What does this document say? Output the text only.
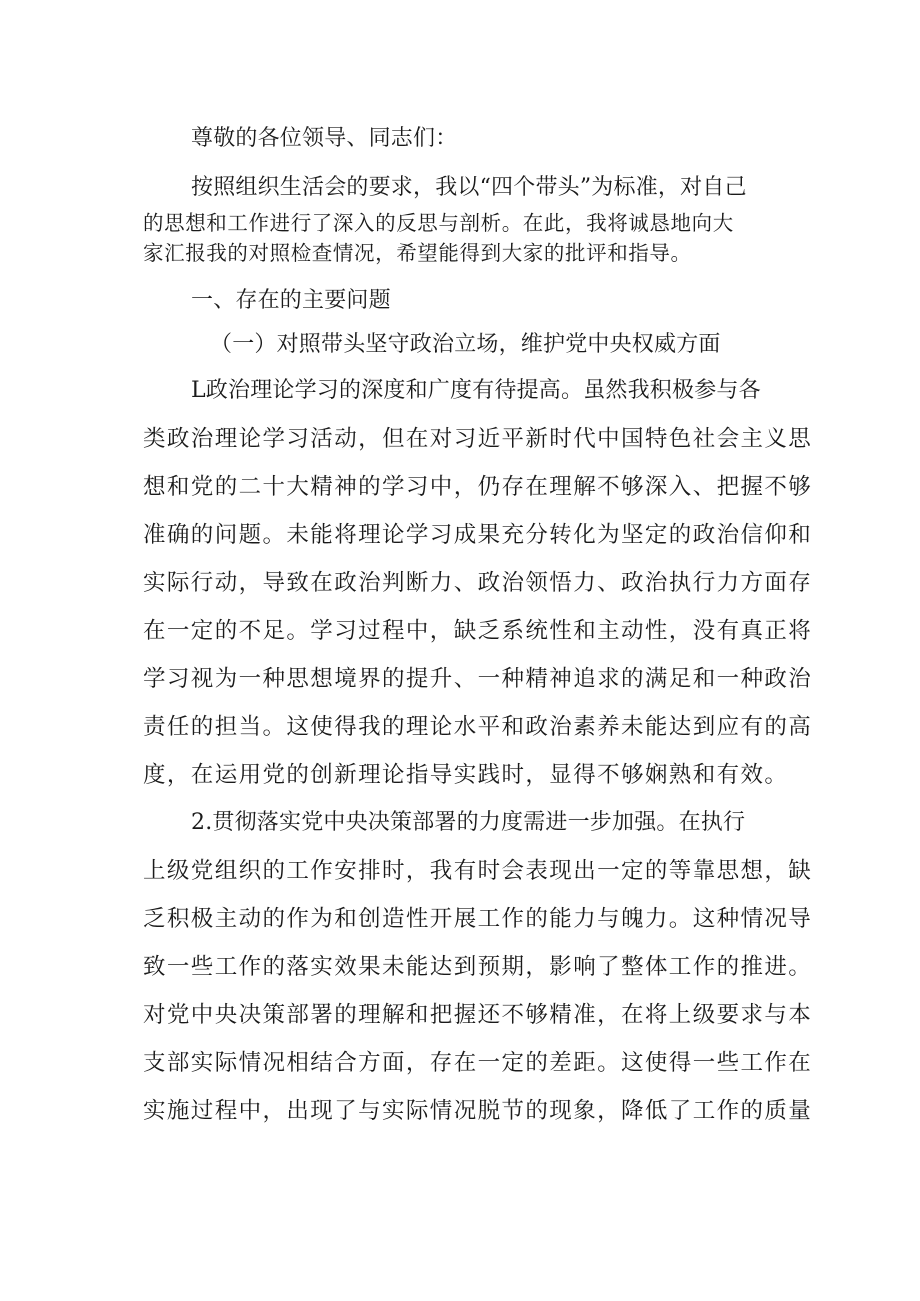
尊敬的各位领导、同志们：
按照组织生活会的要求，我以“四个带头”为标准，对自己
的思想和工作进行了深入的反思与剖析。在此，我将诚恳地向大
家汇报我的对照检查情况，希望能得到大家的批评和指导。
一、存在的主要问题
（一）对照带头坚守政治立场，维护党中央权威方面
L政治理论学习的深度和广度有待提高。虽然我积极参与各
类政治理论学习活动，但在对习近平新时代中国特色社会主义思
想和党的二十大精神的学习中，仍存在理解不够深入、把握不够
准确的问题。未能将理论学习成果充分转化为坚定的政治信仰和
实际行动，导致在政治判断力、政治领悟力、政治执行力方面存
在一定的不足。学习过程中，缺乏系统性和主动性，没有真正将
学习视为一种思想境界的提升、一种精神追求的满足和一种政治
责任的担当。这使得我的理论水平和政治素养未能达到应有的高
度，在运用党的创新理论指导实践时，显得不够娴熟和有效。
2.贯彻落实党中央决策部署的力度需进一步加强。在执行
上级党组织的工作安排时，我有时会表现出一定的等靠思想，缺
乏积极主动的作为和创造性开展工作的能力与魄力。这种情况导
致一些工作的落实效果未能达到预期，影响了整体工作的推进。
对党中央决策部署的理解和把握还不够精准，在将上级要求与本
支部实际情况相结合方面，存在一定的差距。这使得一些工作在
实施过程中，出现了与实际情况脱节的现象，降低了工作的质量
